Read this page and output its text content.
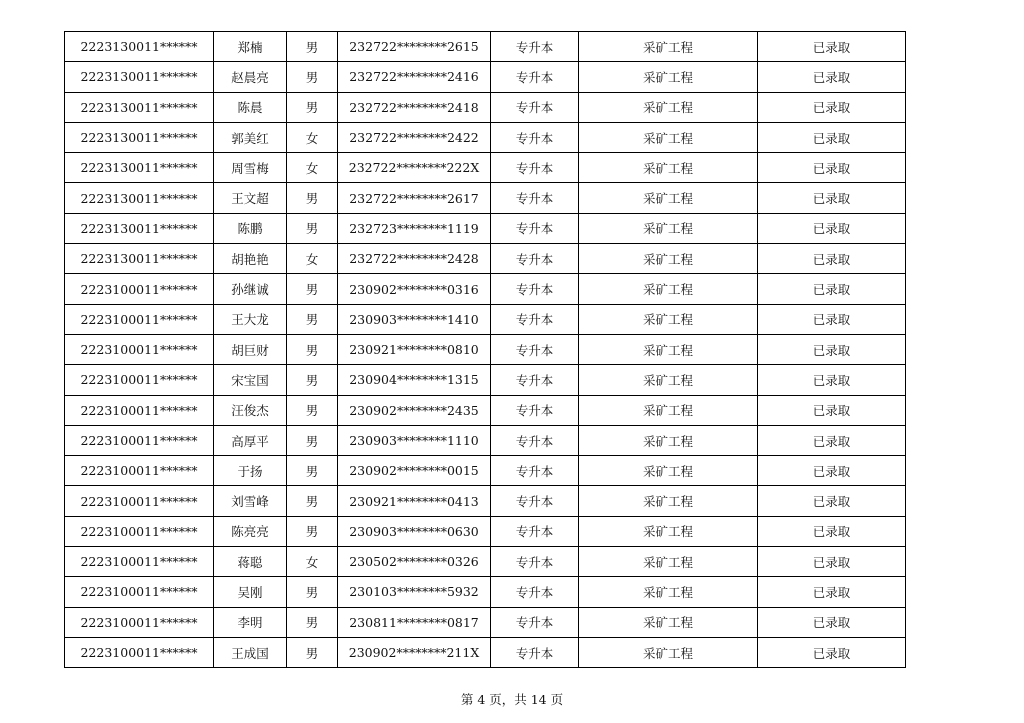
2223130011******	郑楠	男	232722********2615	专升本	采矿工程	已录取
2223130011******	赵晨亮	男	232722********2416	专升本	采矿工程	已录取
2223130011******	陈晨	男	232722********2418	专升本	采矿工程	已录取
2223130011******	郭美红	女	232722********2422	专升本	采矿工程	已录取
2223130011******	周雪梅	女	232722********222X	专升本	采矿工程	已录取
2223130011******	王文超	男	232722********2617	专升本	采矿工程	已录取
2223130011******	陈鹏	男	232723********1119	专升本	采矿工程	已录取
2223130011******	胡艳艳	女	232722********2428	专升本	采矿工程	已录取
2223100011******	孙继诚	男	230902********0316	专升本	采矿工程	已录取
2223100011******	王大龙	男	230903********1410	专升本	采矿工程	已录取
2223100011******	胡巨财	男	230921********0810	专升本	采矿工程	已录取
2223100011******	宋宝国	男	230904********1315	专升本	采矿工程	已录取
2223100011******	汪俊杰	男	230902********2435	专升本	采矿工程	已录取
2223100011******	高厚平	男	230903********1110	专升本	采矿工程	已录取
2223100011******	于扬	男	230902********0015	专升本	采矿工程	已录取
2223100011******	刘雪峰	男	230921********0413	专升本	采矿工程	已录取
2223100011******	陈亮亮	男	230903********0630	专升本	采矿工程	已录取
2223100011******	蒋聪	女	230502********0326	专升本	采矿工程	已录取
2223100011******	吴刚	男	230103********5932	专升本	采矿工程	已录取
2223100011******	李明	男	230811********0817	专升本	采矿工程	已录取
2223100011******	王成国	男	230902********211X	专升本	采矿工程	已录取
第 4 页，共 14 页
